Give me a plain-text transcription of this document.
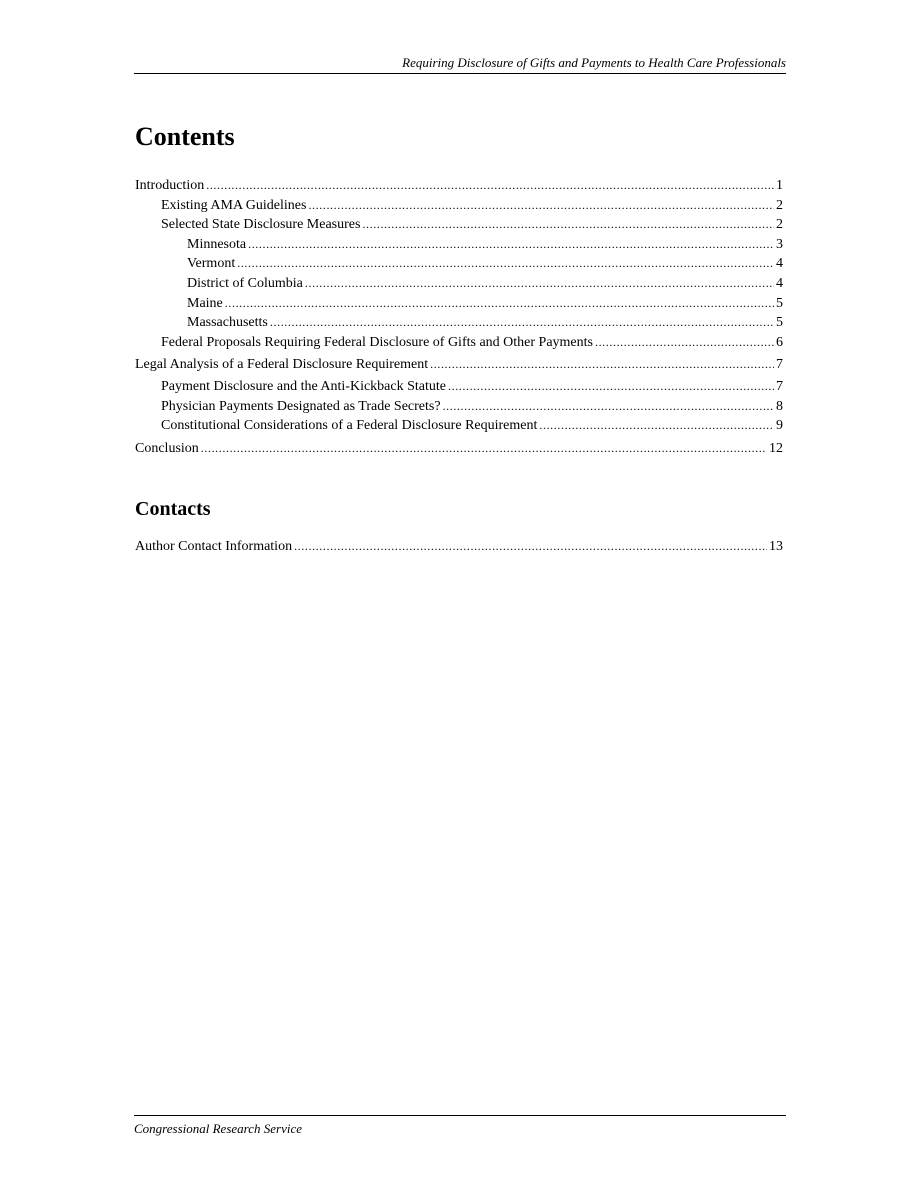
Requiring Disclosure of Gifts and Payments to Health Care Professionals
Contents
Introduction .....	1
Existing AMA Guidelines .....	2
Selected State Disclosure Measures .....	2
Minnesota .....	3
Vermont .....	4
District of Columbia .....	4
Maine .....	5
Massachusetts .....	5
Federal Proposals Requiring Federal Disclosure of Gifts and Other Payments .....	6
Legal Analysis of a Federal Disclosure Requirement .....	7
Payment Disclosure and the Anti-Kickback Statute .....	7
Physician Payments Designated as Trade Secrets? .....	8
Constitutional Considerations of a Federal Disclosure Requirement .....	9
Conclusion .....	12
Contacts
Author Contact Information .....	13
Congressional Research Service
